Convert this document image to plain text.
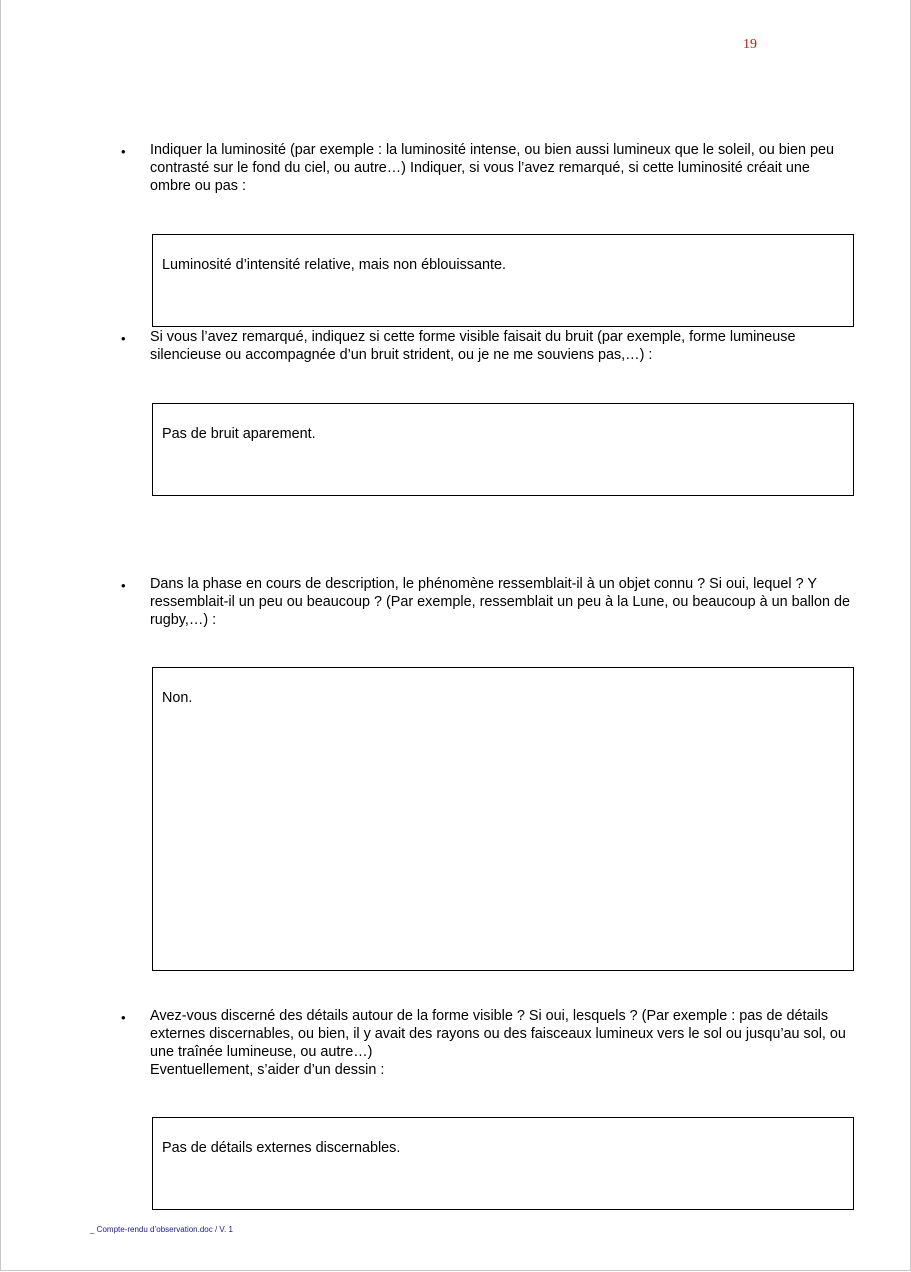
19
• Indiquer la luminosité (par exemple : la luminosité intense, ou bien aussi lumineux que le soleil, ou bien peu contrasté sur le fond du ciel, ou autre…) Indiquer, si vous l’avez remarqué, si cette luminosité créait une ombre ou pas :

Luminosité d’intensité relative, mais non éblouissante.
• Si vous l’avez remarqué, indiquez si cette forme visible faisait du bruit (par exemple, forme lumineuse silencieuse ou accompagnée d’un bruit strident, ou je ne me souviens pas,…) :

Pas de bruit aparement.
• Dans la phase en cours de description, le phénomène ressemblait-il à un objet connu ? Si oui, lequel ? Y ressemblait-il un peu ou beaucoup ? (Par exemple, ressemblait un peu à la Lune, ou beaucoup à un ballon de rugby,…) :

Non.
• Avez-vous discerné des détails autour de la forme visible ? Si oui, lesquels ? (Par exemple : pas de détails externes discernables, ou bien, il y avait des rayons ou des faisceaux lumineux vers le sol ou jusqu’au sol, ou une traînée lumineuse, ou autre…)
Eventuellement, s’aider d’un dessin :

Pas de détails externes discernables.
_ Compte-rendu d’observation.doc / V. 1
